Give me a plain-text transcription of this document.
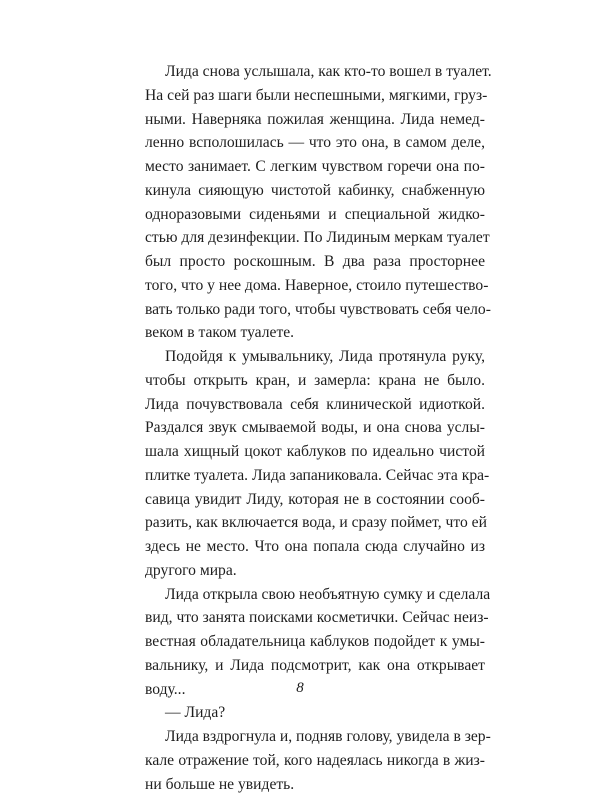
Лида снова услышала, как кто-то вошел в туалет.
На сей раз шаги были неспешными, мягкими, груз-
ными. Наверняка пожилая женщина. Лида немед-
ленно всполошилась — что это она, в самом деле,
место занимает. С легким чувством горечи она по-
кинула сияющую чистотой кабинку, снабженную
одноразовыми сиденьями и специальной жидко-
стью для дезинфекции. По Лидиным меркам туалет
был просто роскошным. В два раза просторнее
того, что у нее дома. Наверное, стоило путешество-
вать только ради того, чтобы чувствовать себя чело-
веком в таком туалете.
Подойдя к умывальнику, Лида протянула руку,
чтобы открыть кран, и замерла: крана не было.
Лида почувствовала себя клинической идиоткой.
Раздался звук смываемой воды, и она снова услы-
шала хищный цокот каблуков по идеально чистой
плитке туалета. Лида запаниковала. Сейчас эта кра-
савица увидит Лиду, которая не в состоянии сооб-
разить, как включается вода, и сразу поймет, что ей
здесь не место. Что она попала сюда случайно из
другого мира.
Лида открыла свою необъятную сумку и сделала
вид, что занята поисками косметички. Сейчас неиз-
вестная обладательница каблуков подойдет к умы-
вальнику, и Лида подсмотрит, как она открывает
воду...
— Лида?
Лида вздрогнула и, подняв голову, увидела в зер-
кале отражение той, кого надеялась никогда в жиз-
ни больше не увидеть.
8
